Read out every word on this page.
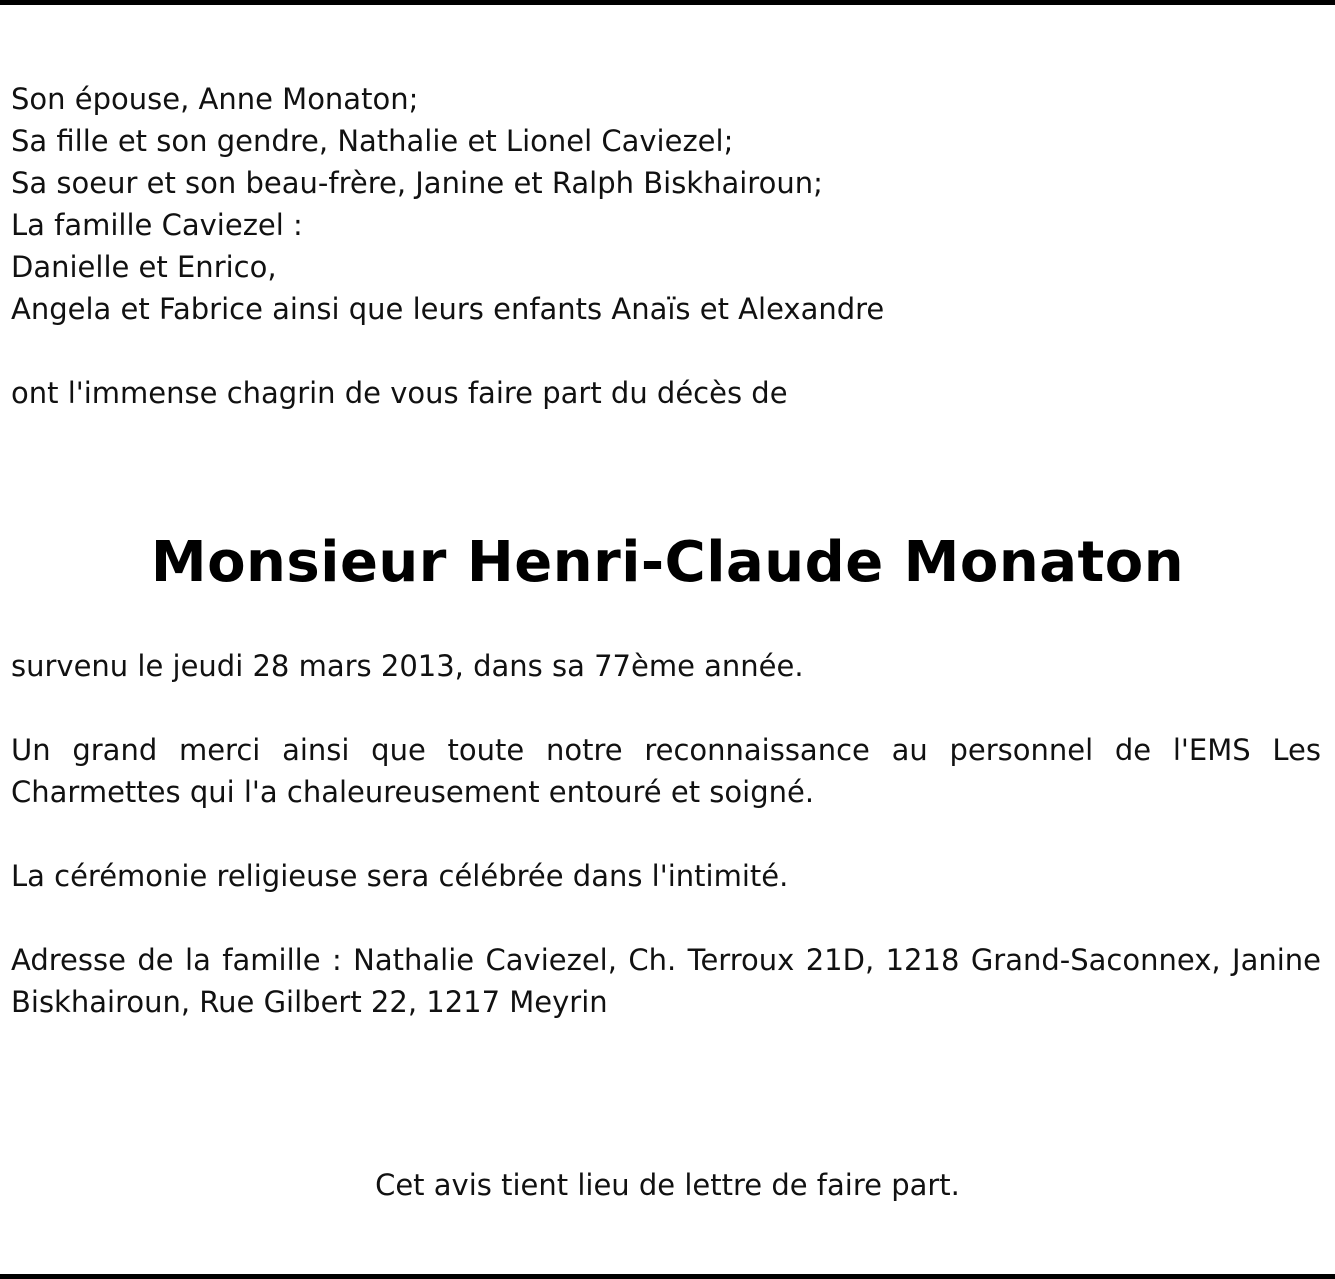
Son épouse, Anne Monaton;
Sa fille et son gendre, Nathalie et Lionel Caviezel;
Sa soeur et son beau-frère, Janine et Ralph Biskhairoun;
La famille Caviezel :
Danielle et Enrico,
Angela et Fabrice ainsi que leurs enfants Anaïs et Alexandre

ont l'immense chagrin de vous faire part du décès de

Monsieur Henri-Claude Monaton

survenu le jeudi 28 mars 2013, dans sa 77ème année.

Un grand merci ainsi que toute notre reconnaissance au personnel de l'EMS Les Charmettes qui l'a chaleureusement entouré et soigné.

La cérémonie religieuse sera célébrée dans l'intimité.

Adresse de la famille : Nathalie Caviezel, Ch. Terroux 21D, 1218 Grand-Saconnex, Janine Biskhairoun, Rue Gilbert 22, 1217 Meyrin

Cet avis tient lieu de lettre de faire part.
